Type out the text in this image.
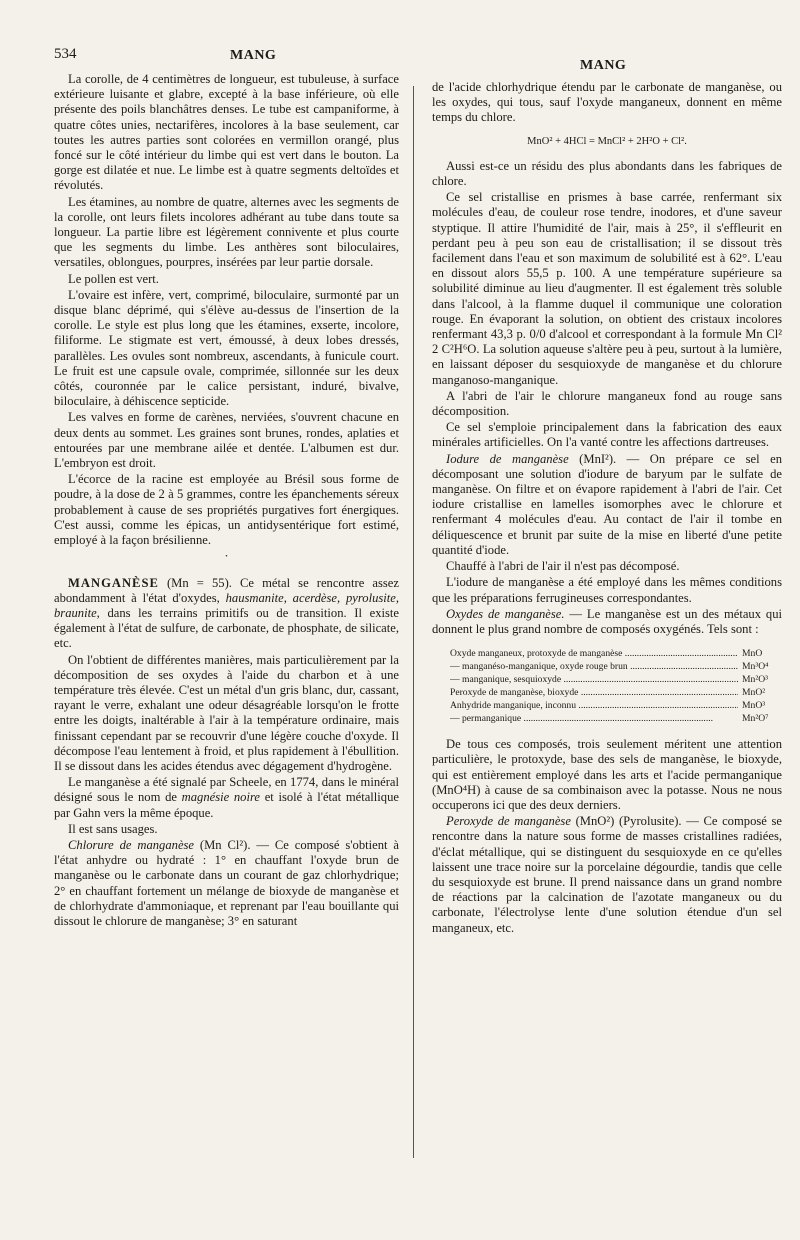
534	MANG
MANG

La corolle, de 4 centimètres de longueur, est tubuleuse, à surface extérieure luisante et glabre, excepté à la base inférieure, où elle présente des poils blanchâtres denses. Le tube est campaniforme, à quatre côtes unies, nectarifères, incolores à la base seulement, car toutes les autres parties sont colorées en vermillon orangé, plus foncé sur le côté intérieur du limbe qui est vert dans le bouton. La gorge est dilatée et nue. Le limbe est à quatre segments deltoïdes et révolutés.

Les étamines, au nombre de quatre, alternes avec les segments de la corolle, ont leurs filets incolores adhérant au tube dans toute sa longueur. La partie libre est légèrement connivente et plus courte que les segments du limbe. Les anthères sont biloculaires, versatiles, oblongues, pourpres, insérées par leur partie dorsale.

Le pollen est vert.

L'ovaire est infère, vert, comprimé, biloculaire, surmonté par un disque blanc déprimé, qui s'élève au-dessus de l'insertion de la corolle. Le style est plus long que les étamines, exserte, incolore, filiforme. Le stigmate est vert, émoussé, à deux lobes dressés, parallèles. Les ovules sont nombreux, ascendants, à funicule court. Le fruit est une capsule ovale, comprimée, sillonnée sur les deux côtés, couronnée par le calice persistant, induré, bivalve, biloculaire, à déhiscence septicide.

Les valves en forme de carènes, nerviées, s'ouvrent chacune en deux dents au sommet. Les graines sont brunes, rondes, aplaties et entourées par une membrane ailée et dentée. L'albumen est dur. L'embryon est droit.

L'écorce de la racine est employée au Brésil sous forme de poudre, à la dose de 2 à 5 grammes, contre les épanchements séreux probablement à cause de ses propriétés purgatives fort énergiques. C'est aussi, comme les épicas, un antidysentérique fort estimé, employé à la façon brésilienne.

·

MANGANÈSE (Mn = 55). Ce métal se rencontre assez abondamment à l'état d'oxydes, hausmanite, acerdèse, pyrolusite, braunite, dans les terrains primitifs ou de transition. Il existe également à l'état de sulfure, de carbonate, de phosphate, de silicate, etc.

On l'obtient de différentes manières, mais particulièrement par la décomposition de ses oxydes à l'aide du charbon et à une température très élevée. C'est un métal d'un gris blanc, dur, cassant, rayant le verre, exhalant une odeur désagréable lorsqu'on le frotte entre les doigts, inaltérable à l'air à la température ordinaire, mais finissant cependant par se recouvrir d'une légère couche d'oxyde. Il décompose l'eau lentement à froid, et plus rapidement à l'ébullition. Il se dissout dans les acides étendus avec dégagement d'hydrogène.

Le manganèse a été signalé par Scheele, en 1774, dans le minéral désigné sous le nom de magnésie noire et isolé à l'état métallique par Gahn vers la même époque.

Il est sans usages.

Chlorure de manganèse (Mn Cl²). — Ce composé s'obtient à l'état anhydre ou hydraté : 1° en chauffant l'oxyde brun de manganèse ou le carbonate dans un courant de gaz chlorhydrique; 2° en chauffant fortement un mélange de bioxyde de manganèse et de chlorhydrate d'ammoniaque, et reprenant par l'eau bouillante qui dissout le chlorure de manganèse; 3° en saturant

de l'acide chlorhydrique étendu par le carbonate de manganèse, ou les oxydes, qui tous, sauf l'oxyde manganeux, donnent en même temps du chlore.

MnO² + 4HCl = MnCl² + 2H²O + Cl².

Aussi est-ce un résidu des plus abondants dans les fabriques de chlore.

Ce sel cristallise en prismes à base carrée, renfermant six molécules d'eau, de couleur rose tendre, inodores, et d'une saveur styptique. Il attire l'humidité de l'air, mais à 25°, il s'effleurit en perdant peu à peu son eau de cristallisation; il se dissout très facilement dans l'eau et son maximum de solubilité est à 62°. L'eau en dissout alors 55,5 p. 100. A une température supérieure sa solubilité diminue au lieu d'augmenter. Il est également très soluble dans l'alcool, à la flamme duquel il communique une coloration rouge. En évaporant la solution, on obtient des cristaux incolores renfermant 43,3 p. 0/0 d'alcool et correspondant à la formule Mn Cl² 2 C²H⁶O. La solution aqueuse s'altère peu à peu, surtout à la lumière, en laissant déposer du sesquioxyde de manganèse et du chlorure manganoso-manganique.

A l'abri de l'air le chlorure manganeux fond au rouge sans décomposition.

Ce sel s'emploie principalement dans la fabrication des eaux minérales artificielles. On l'a vanté contre les affections dartreuses.

Iodure de manganèse (MnI²). — On prépare ce sel en décomposant une solution d'iodure de baryum par le sulfate de manganèse. On filtre et on évapore rapidement à l'abri de l'air. Cet iodure cristallise en lamelles isomorphes avec le chlorure et renfermant 4 molécules d'eau. Au contact de l'air il tombe en déliquescence et brunit par suite de la mise en liberté d'une petite quantité d'iode.

Chauffé à l'abri de l'air il n'est pas décomposé.

L'iodure de manganèse a été employé dans les mêmes conditions que les préparations ferrugineuses correspondantes.

Oxydes de manganèse. — Le manganèse est un des métaux qui donnent le plus grand nombre de composés oxygénés. Tels sont :

Oxyde manganeux, protoxyde de manganèse .....	MnO
— manganéso-manganique, oxyde rouge brun .....	Mn³O⁴
— manganique, sesquioxyde .....	Mn²O³
Peroxyde de manganèse, bioxyde .....	MnO²
Anhydride manganique, inconnu .....	MnO³
— permanganique .....	Mn²O⁷

De tous ces composés, trois seulement méritent une attention particulière, le protoxyde, base des sels de manganèse, le bioxyde, qui est entièrement employé dans les arts et l'acide permanganique (MnO⁴H) à cause de sa combinaison avec la potasse. Nous ne nous occuperons ici que des deux derniers.

Peroxyde de manganèse (MnO²) (Pyrolusite). — Ce composé se rencontre dans la nature sous forme de masses cristallines radiées, d'éclat métallique, qui se distinguent du sesquioxyde en ce qu'elles laissent une trace noire sur la porcelaine dégourdie, tandis que celle du sesquioxyde est brune. Il prend naissance dans un grand nombre de réactions par la calcination de l'azotate manganeux ou du carbonate, l'électrolyse lente d'une solution étendue d'un sel manganeux, etc.
